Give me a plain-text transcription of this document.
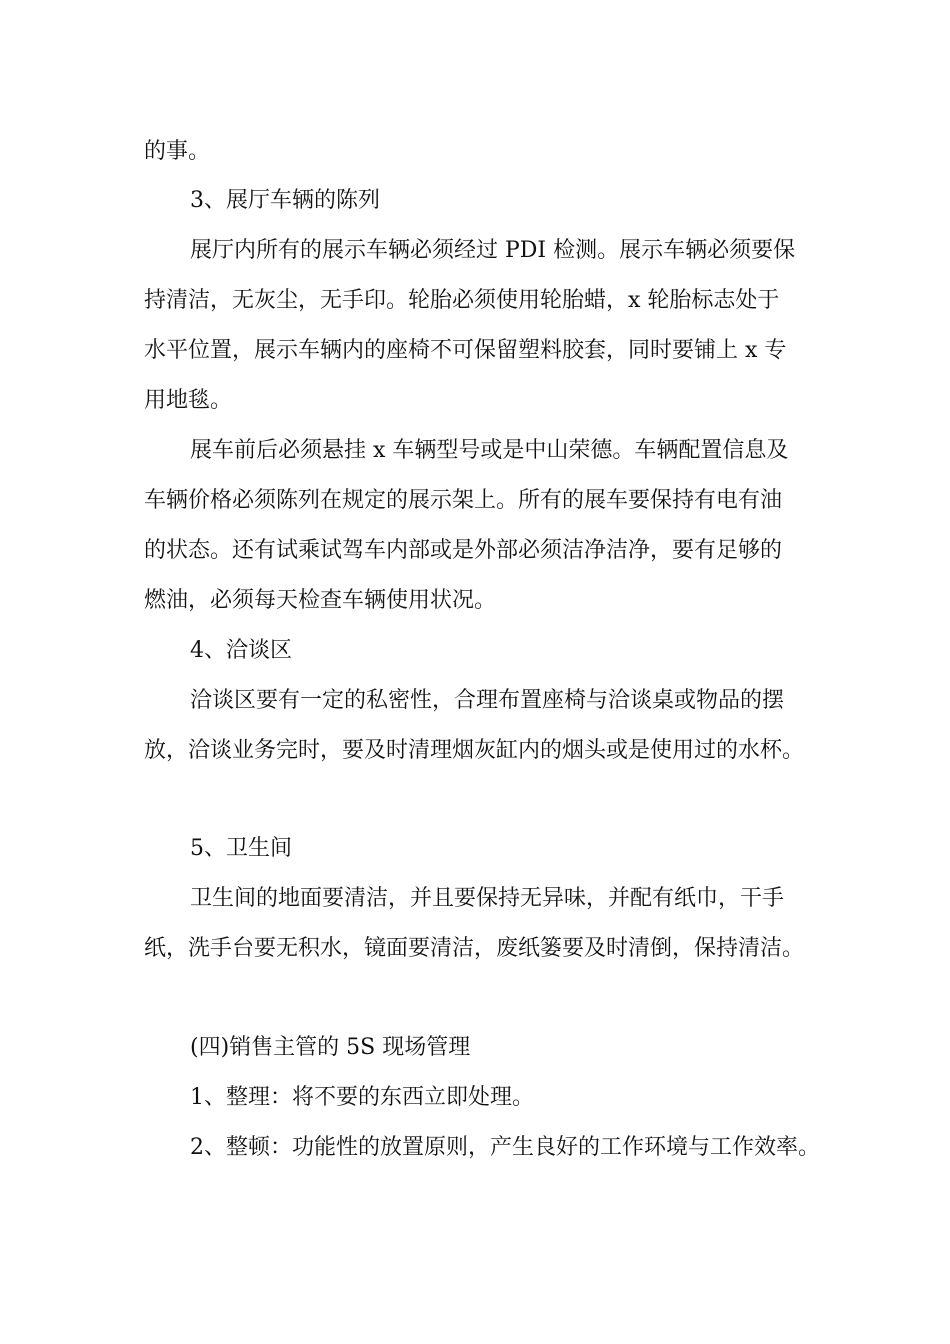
的事。
3、展厅车辆的陈列
展厅内所有的展示车辆必须经过 PDI 检测。展示车辆必须要保
持清洁，无灰尘，无手印。轮胎必须使用轮胎蜡，x 轮胎标志处于
水平位置，展示车辆内的座椅不可保留塑料胶套，同时要铺上 x 专
用地毯。
展车前后必须悬挂 x 车辆型号或是中山荣德。车辆配置信息及
车辆价格必须陈列在规定的展示架上。所有的展车要保持有电有油
的状态。还有试乘试驾车内部或是外部必须洁净洁净，要有足够的
燃油，必须每天检查车辆使用状况。
4、洽谈区
洽谈区要有一定的私密性，合理布置座椅与洽谈桌或物品的摆
放，洽谈业务完时，要及时清理烟灰缸内的烟头或是使用过的水杯。
5、卫生间
卫生间的地面要清洁，并且要保持无异味，并配有纸巾，干手
纸，洗手台要无积水，镜面要清洁，废纸篓要及时清倒，保持清洁。
(四)销售主管的 5S 现场管理
1、整理：将不要的东西立即处理。
2、整顿：功能性的放置原则，产生良好的工作环境与工作效率。
